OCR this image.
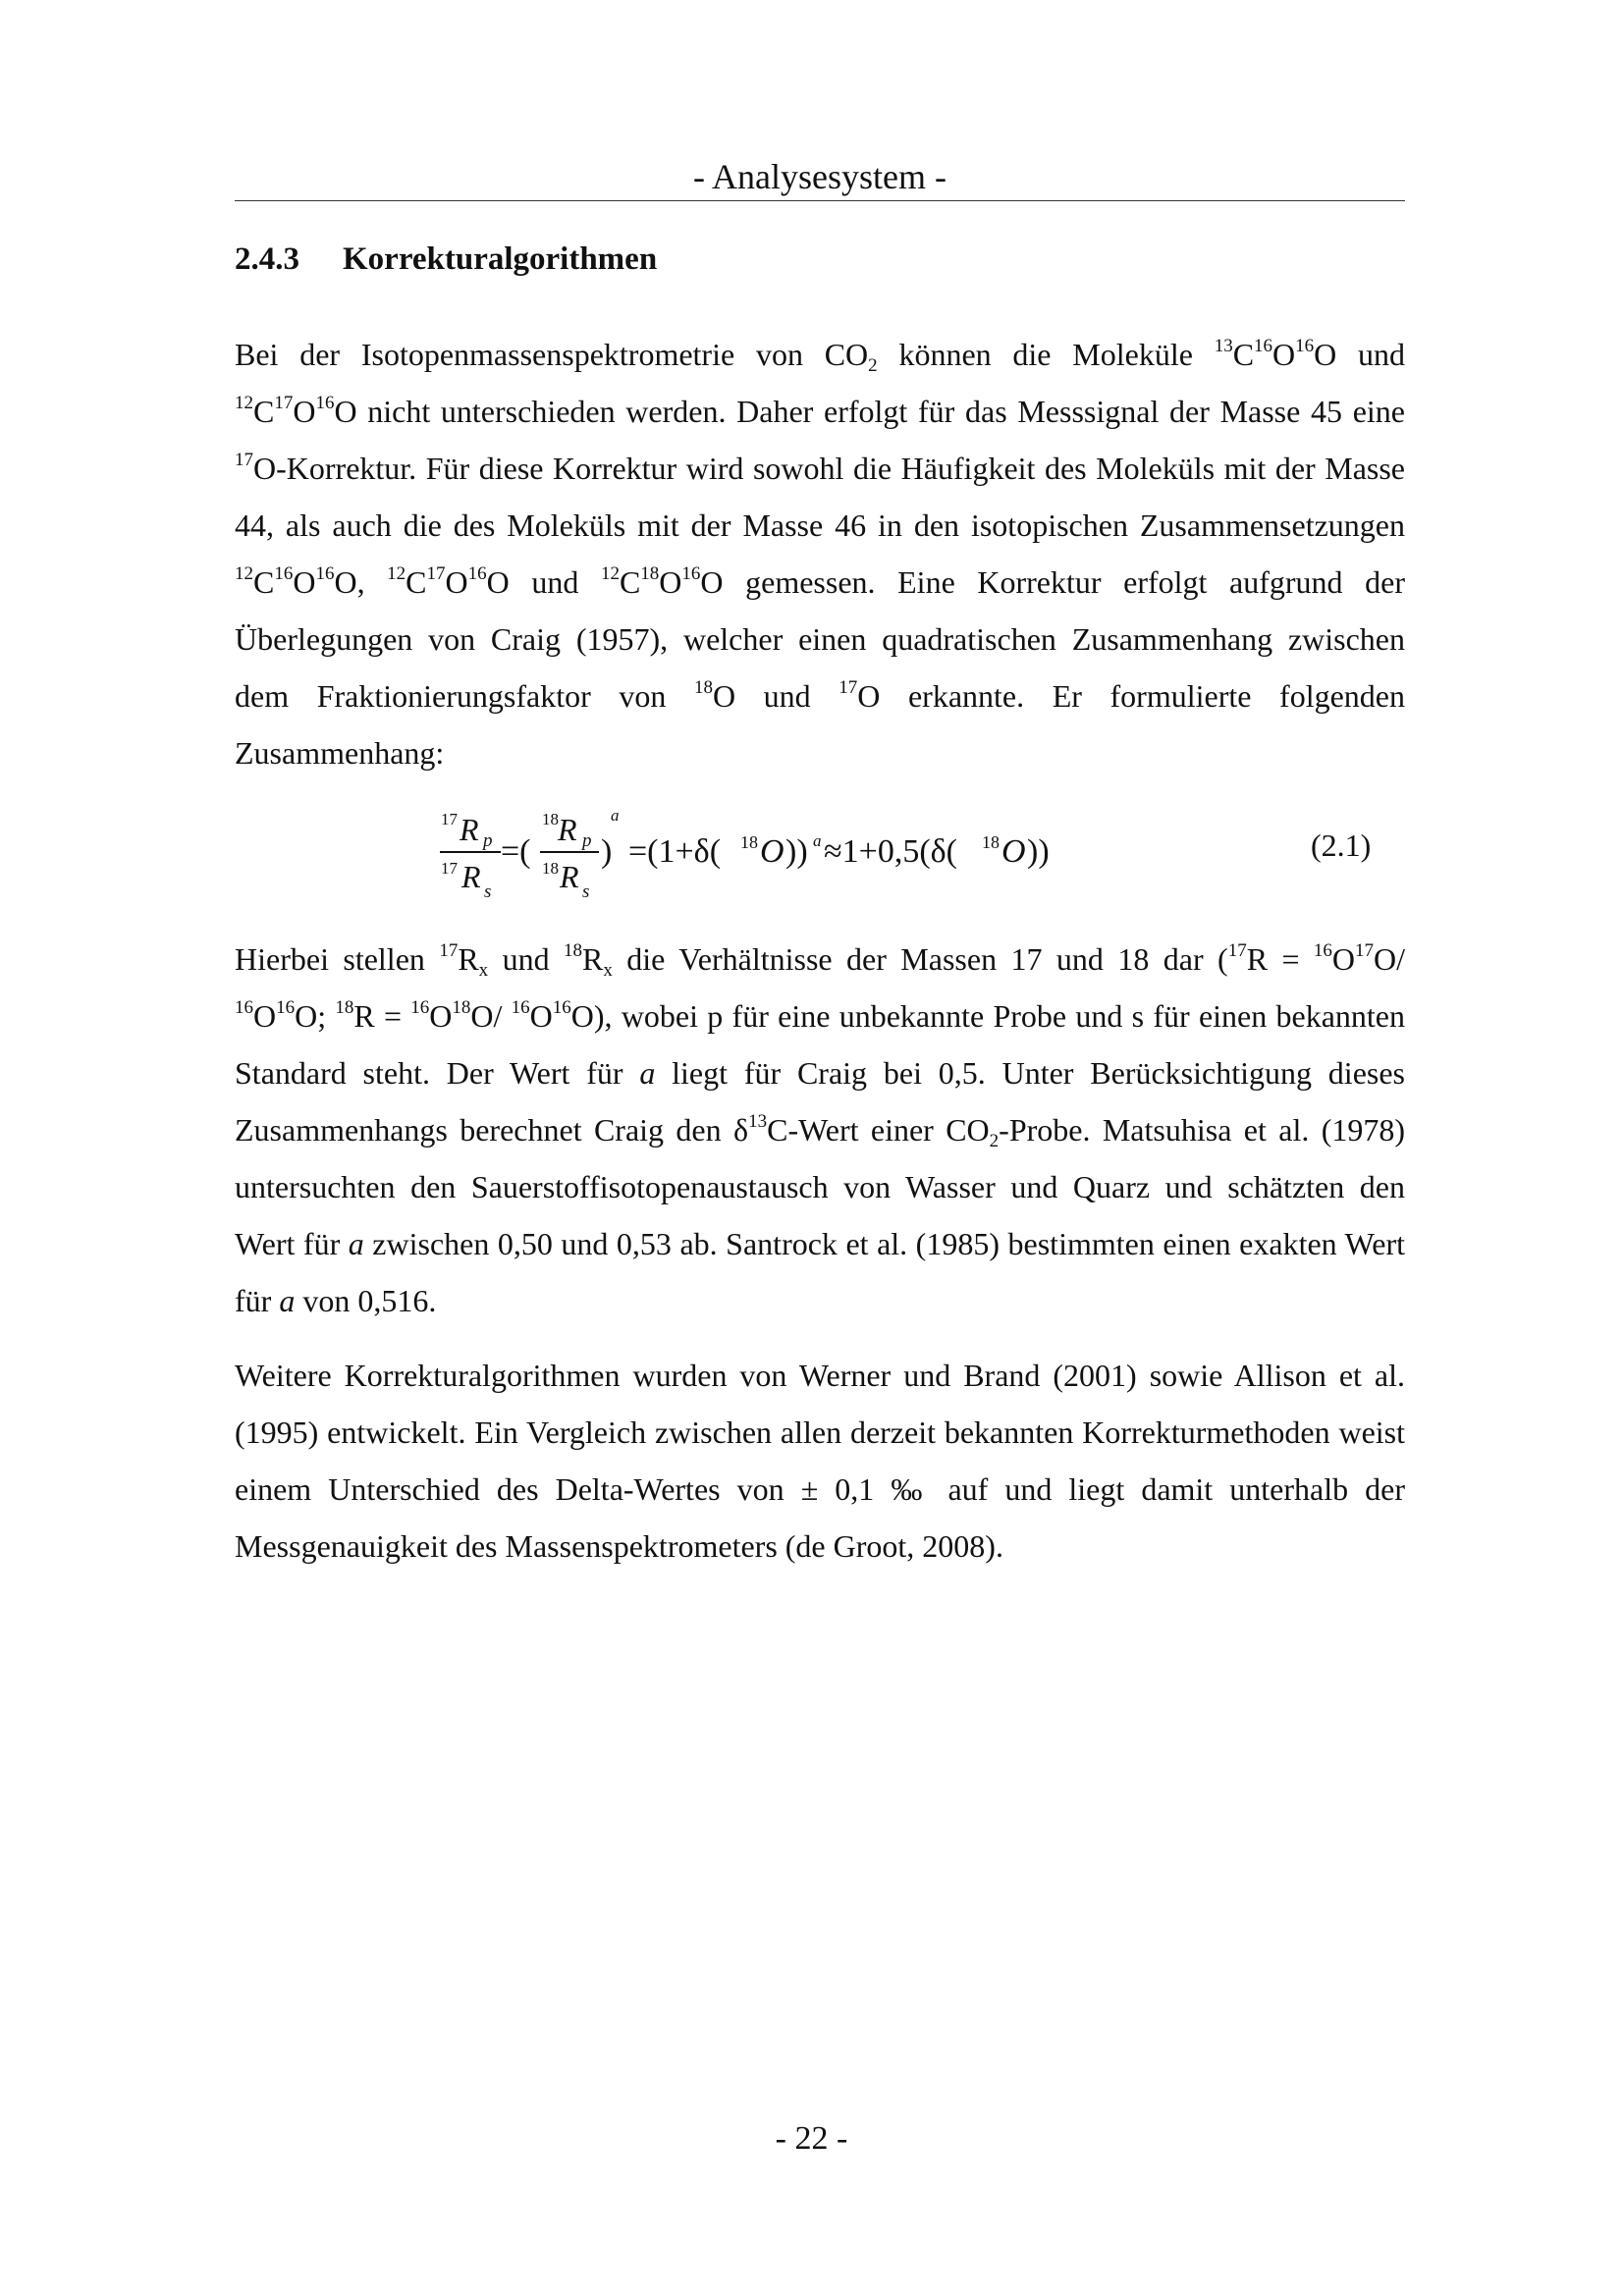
- Analysesystem -
2.4.3 Korrekturalgorithmen

Bei der Isotopenmassenspektrometrie von $CO_2$ können die Moleküle $^{13}C^{16}O^{16}O$ und $^{12}C^{17}O^{16}O$ nicht unterschieden werden. Daher erfolgt für das Messsignal der Masse 45 eine $^{17}$O-Korrektur. Für diese Korrektur wird sowohl die Häufigkeit des Moleküls mit der Masse 44, als auch die des Moleküls mit der Masse 46 in den isotopischen Zusammensetzungen $^{12}C^{16}O^{16}O$, $^{12}C^{17}O^{16}O$ und $^{12}C^{18}O^{16}O$ gemessen. Eine Korrektur erfolgt aufgrund der Überlegungen von Craig (1957), welcher einen quadratischen Zusammenhang zwischen dem Fraktionierungsfaktor von $^{18}$O und $^{17}$O erkannte. Er formulierte folgenden Zusammenhang:

17 R p
17 R s
=(
18 R p
18 R s
)
a
=(1+δ( 18 O )) a ≈1+0,5(δ( 18 O ))	(2.1)

Hierbei stellen $^{17}R_x$ und $^{18}R_x$ die Verhältnisse der Massen 17 und 18 dar ($^{17}R = ^{16}O^{17}O/$ $^{16}O^{16}O$; $^{18}R = ^{16}O^{18}O/$ $^{16}O^{16}O$), wobei p für eine unbekannte Probe und s für einen bekannten Standard steht. Der Wert für a liegt für Craig bei 0,5. Unter Berücksichtigung dieses Zusammenhangs berechnet Craig den $\delta^{13}C$-Wert einer $CO_2$-Probe. Matsuhisa et al. (1978) untersuchten den Sauerstoffisotopenaustausch von Wasser und Quarz und schätzten den Wert für a zwischen 0,50 und 0,53 ab. Santrock et al. (1985) bestimmten einen exakten Wert für a von 0,516.

Weitere Korrekturalgorithmen wurden von Werner und Brand (2001) sowie Allison et al. (1995) entwickelt. Ein Vergleich zwischen allen derzeit bekannten Korrekturmethoden weist einem Unterschied des Delta-Wertes von ± 0,1 ‰ auf und liegt damit unterhalb der Messgenauigkeit des Massenspektrometers (de Groot, 2008).

- 22 -
